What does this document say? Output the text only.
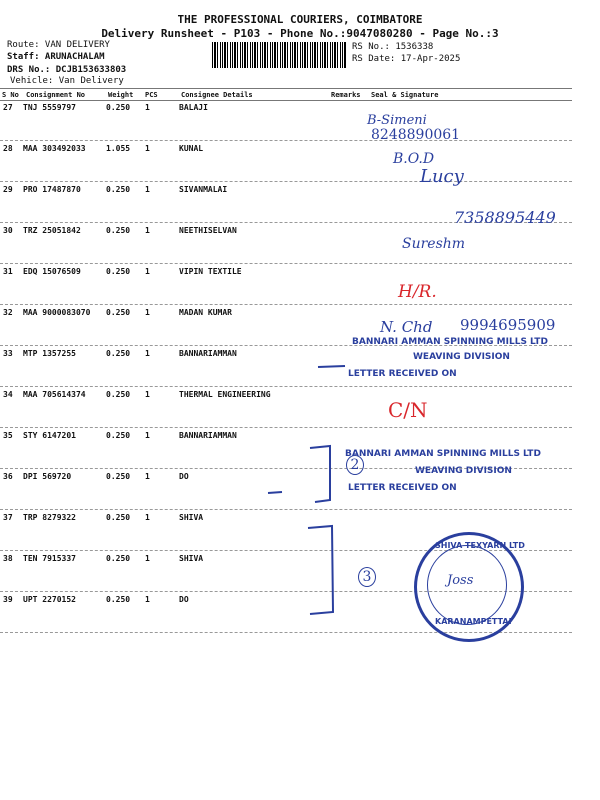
THE PROFESSIONAL COURIERS, COIMBATORE
Delivery Runsheet - P103 - Phone No.:9047080280 - Page No.:3
Route: VAN DELIVERY
Staff: ARUNACHALAM
DRS No.: DCJB153633803
Vehicle: Van Delivery
RS No.: 1536338
RS Date: 17-Apr-2025
S No Consignment No	Weight PCS	Consignee Details	Remarks Seal & Signature
27 TNJ 5559797	0.250 1	BALAJI
28 MAA 303492033	1.055 1	KUNAL
29 PRO 17487870	0.250 1	SIVANMALAI
30 TRZ 25051842	0.250 1	NEETHISELVAN
31 EDQ 15076509	0.250 1	VIPIN TEXTILE
32 MAA 9000083070 0.250 1	MADAN KUMAR
33 MTP 1357255	0.250 1	BANNARIAMMAN
34 MAA 705614374	0.250 1	THERMAL ENGINEERING
35 STY 6147201	0.250 1	BANNARIAMMAN
36 DPI 569720	0.250 1	DO
37 TRP 8279322	0.250 1	SHIVA
38 TEN 7915337	0.250 1	SHIVA
39 UPT 2270152	0.250 1	DO
B-Simeni
8248890061
B.O.D
Lucy
7358895449
Sureshm
H/R.
N. Chd 9994695909
BANNARI AMMAN SPINNING MILLS LTD
WEAVING DIVISION
LETTER RECEIVED ON
C/N
2
BANNARI AMMAN SPINNING MILLS LTD
WEAVING DIVISION
LETTER RECEIVED ON
3
SHIVA TEXYARN LTD
Joss
KARANAMPETTAI
